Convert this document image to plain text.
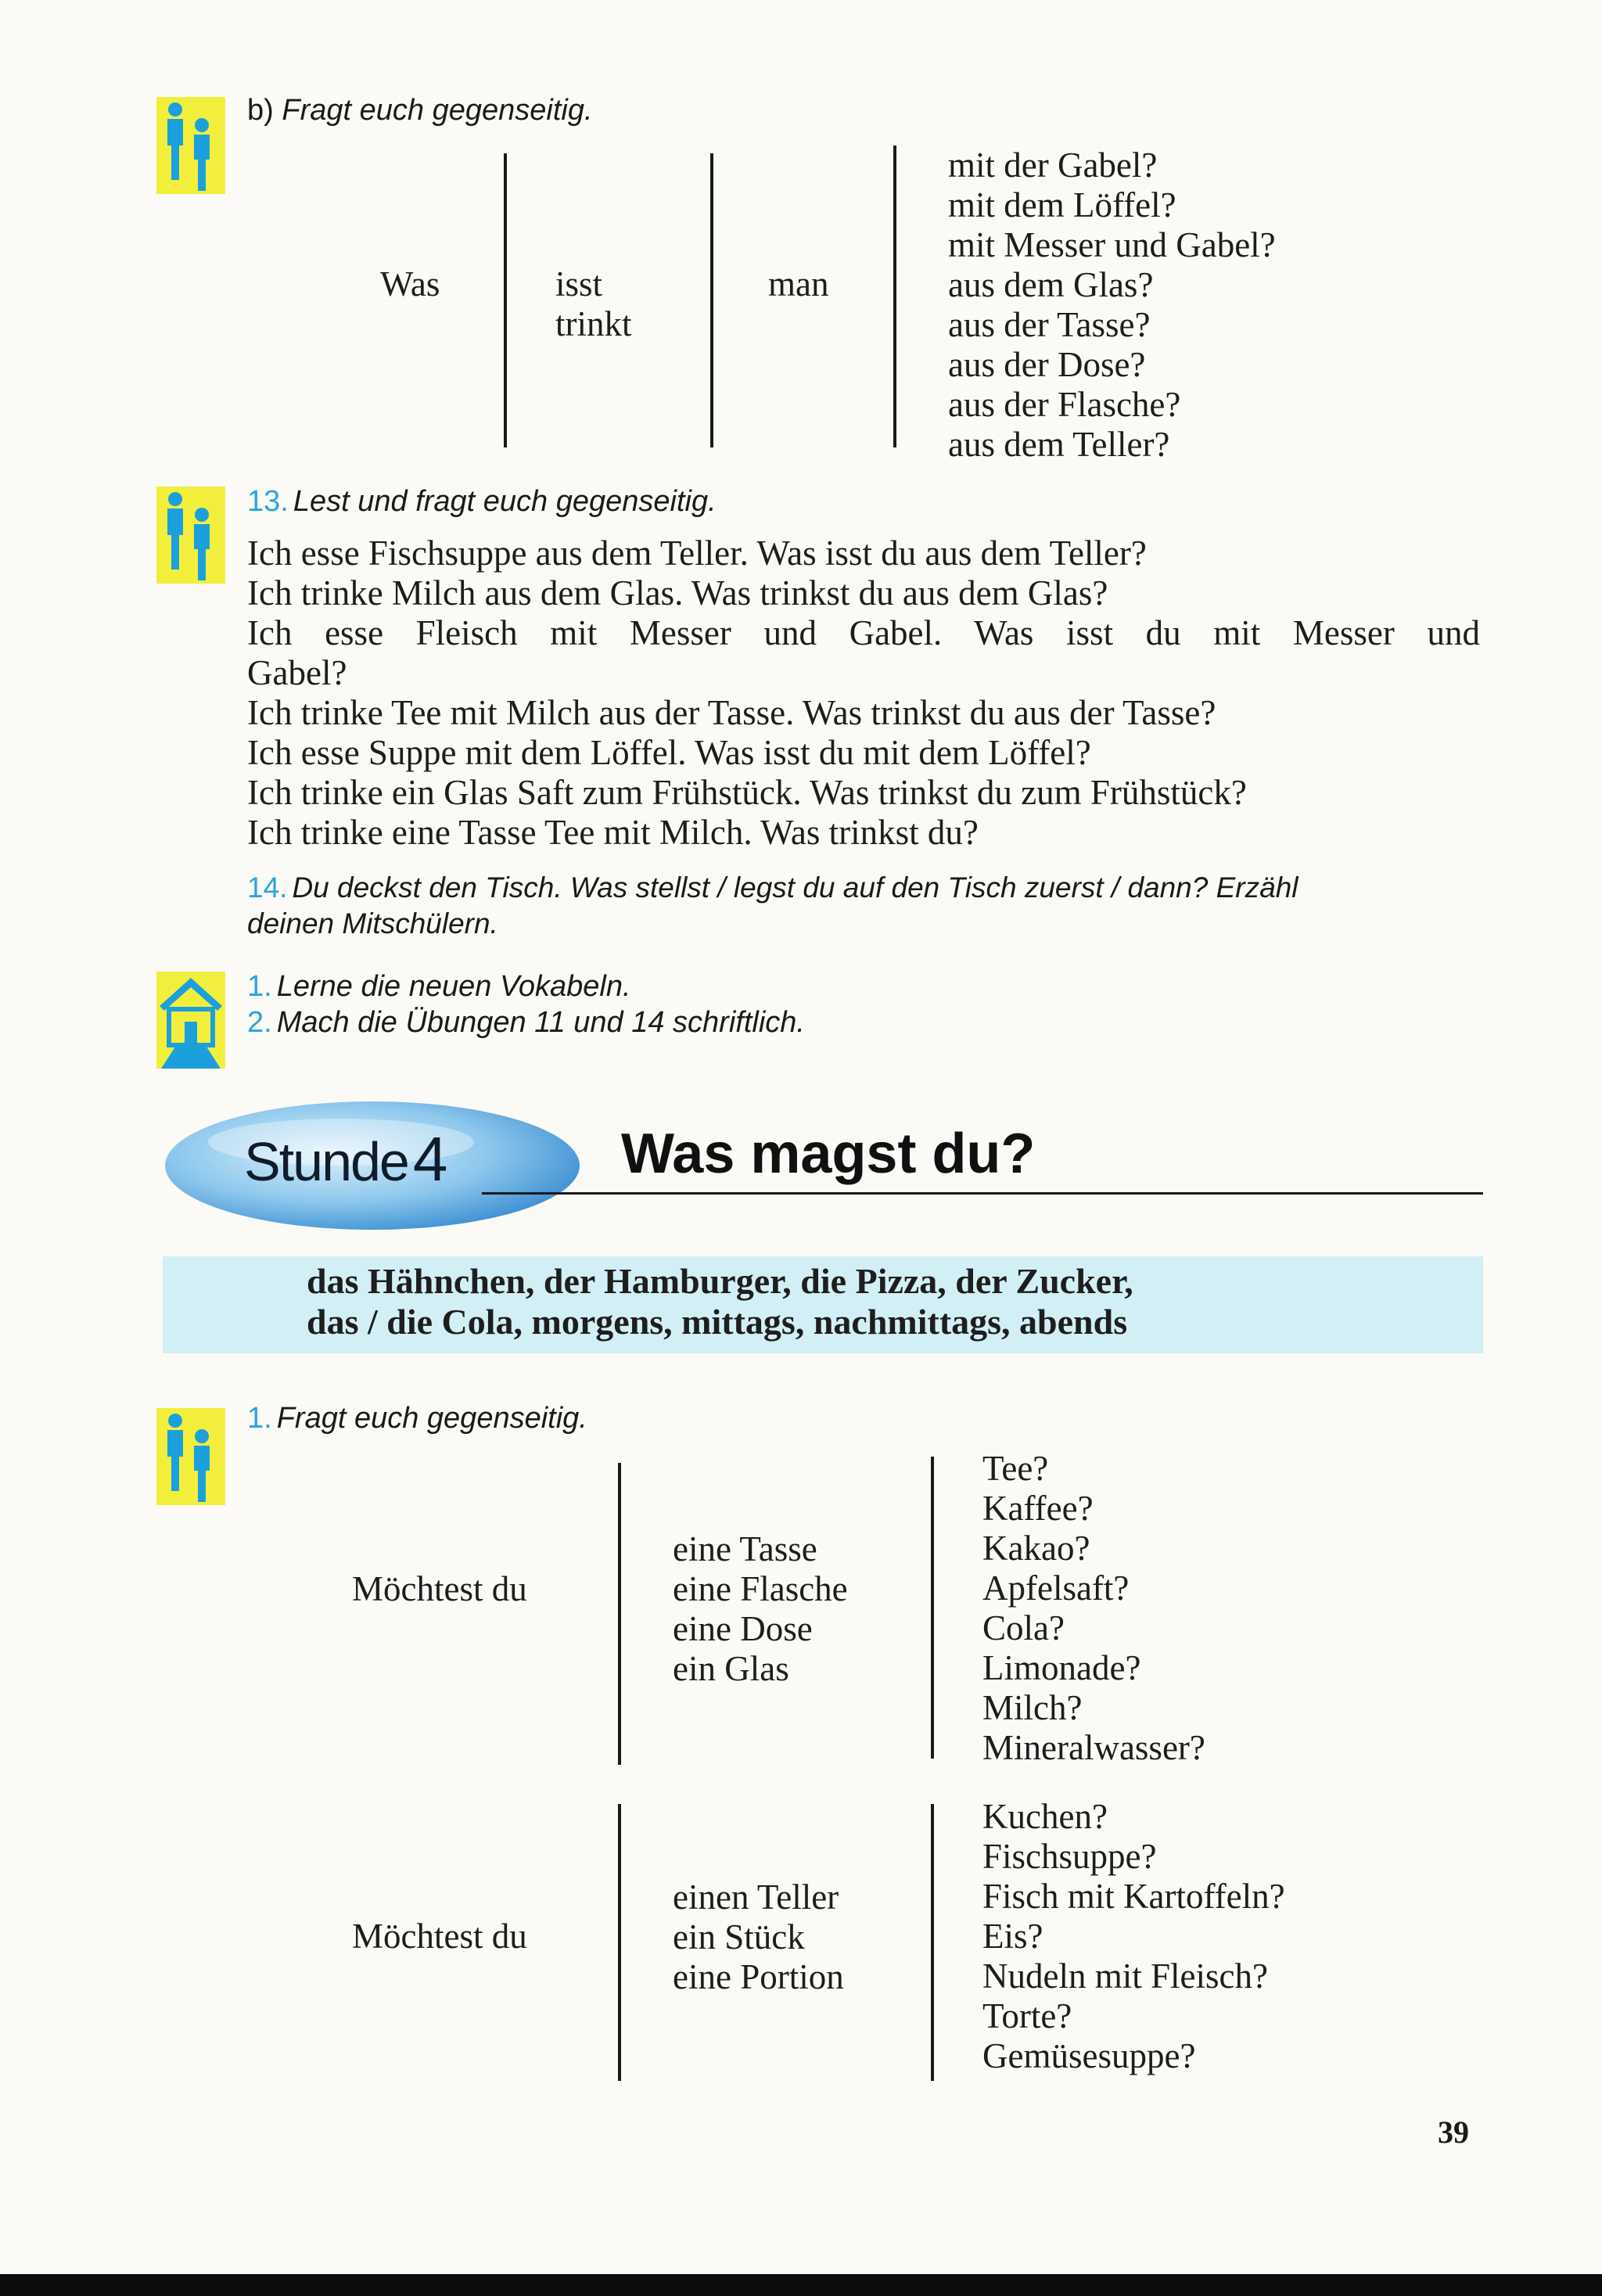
b) Fragt euch gegenseitig.
Was	isst
trinkt
man
mit der Gabel?
mit dem Löffel?
mit Messer und Gabel?
aus dem Glas?
aus der Tasse?
aus der Dose?
aus der Flasche?
aus dem Teller?
13. Lest und fragt euch gegenseitig.
Ich esse Fischsuppe aus dem Teller. Was isst du aus dem Teller?
Ich trinke Milch aus dem Glas. Was trinkst du aus dem Glas?
Ich esse Fleisch mit Messer und Gabel. Was isst du mit Messer und
Gabel?
Ich trinke Tee mit Milch aus der Tasse. Was trinkst du aus der Tasse?
Ich esse Suppe mit dem Löffel. Was isst du mit dem Löffel?
Ich trinke ein Glas Saft zum Frühstück. Was trinkst du zum Frühstück?
Ich trinke eine Tasse Tee mit Milch. Was trinkst du?
14. Du deckst den Tisch. Was stellst / legst du auf den Tisch zuerst / dann? Erzähl
deinen Mitschülern.
1. Lerne die neuen Vokabeln.
2. Mach die Übungen 11 und 14 schriftlich.
Stunde4	Was magst du?
das Hähnchen, der Hamburger, die Pizza, der Zucker,
das / die Cola, morgens, mittags, nachmittags, abends
1. Fragt euch gegenseitig.
Möchtest du
eine Tasse
eine Flasche
eine Dose
ein Glas
Tee?
Kaffee?
Kakao?
Apfelsaft?
Cola?
Limonade?
Milch?
Mineralwasser?
Möchtest du
einen Teller
ein Stück
eine Portion
Kuchen?
Fischsuppe?
Fisch mit Kartoffeln?
Eis?
Nudeln mit Fleisch?
Torte?
Gemüsesuppe?
39
